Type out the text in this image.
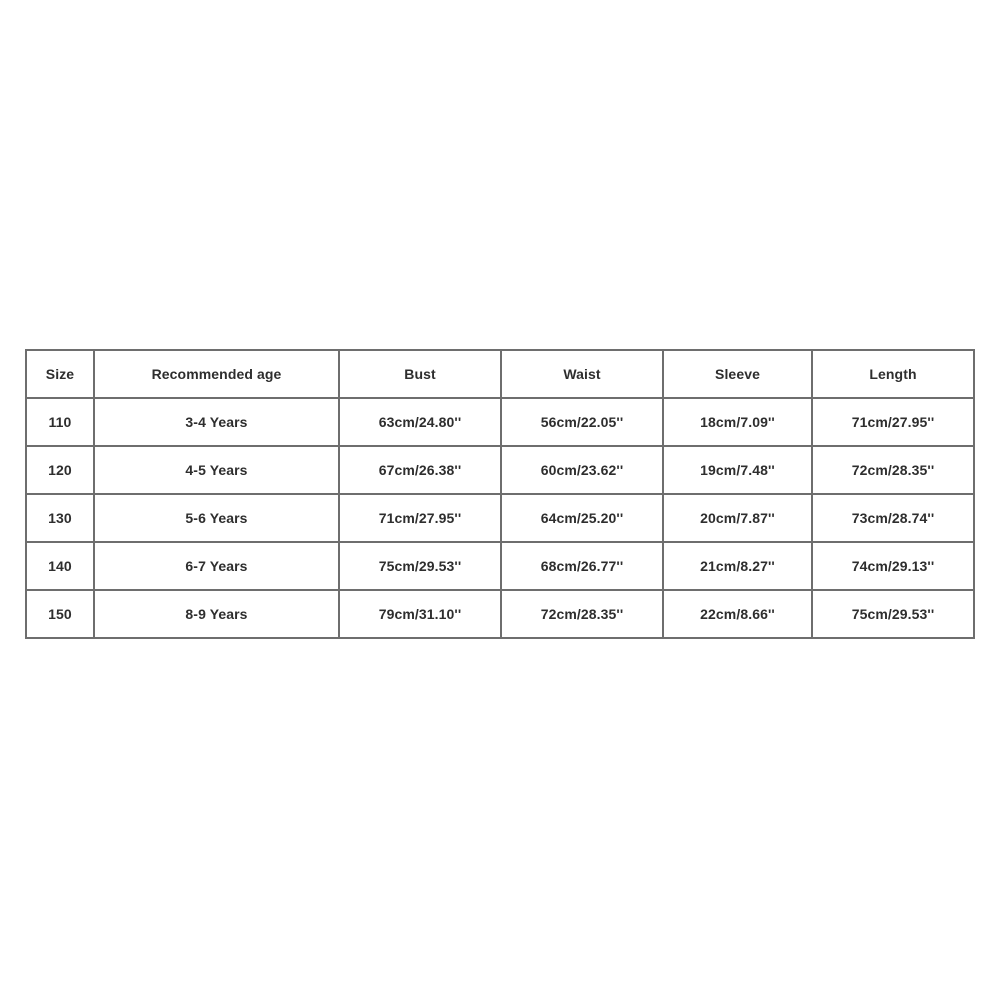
Size	Recommended age	Bust	Waist	Sleeve	Length
110	3-4 Years	63cm/24.80''	56cm/22.05''	18cm/7.09''	71cm/27.95''
120	4-5 Years	67cm/26.38''	60cm/23.62''	19cm/7.48''	72cm/28.35''
130	5-6 Years	71cm/27.95''	64cm/25.20''	20cm/7.87''	73cm/28.74''
140	6-7 Years	75cm/29.53''	68cm/26.77''	21cm/8.27''	74cm/29.13''
150	8-9 Years	79cm/31.10''	72cm/28.35''	22cm/8.66''	75cm/29.53''
